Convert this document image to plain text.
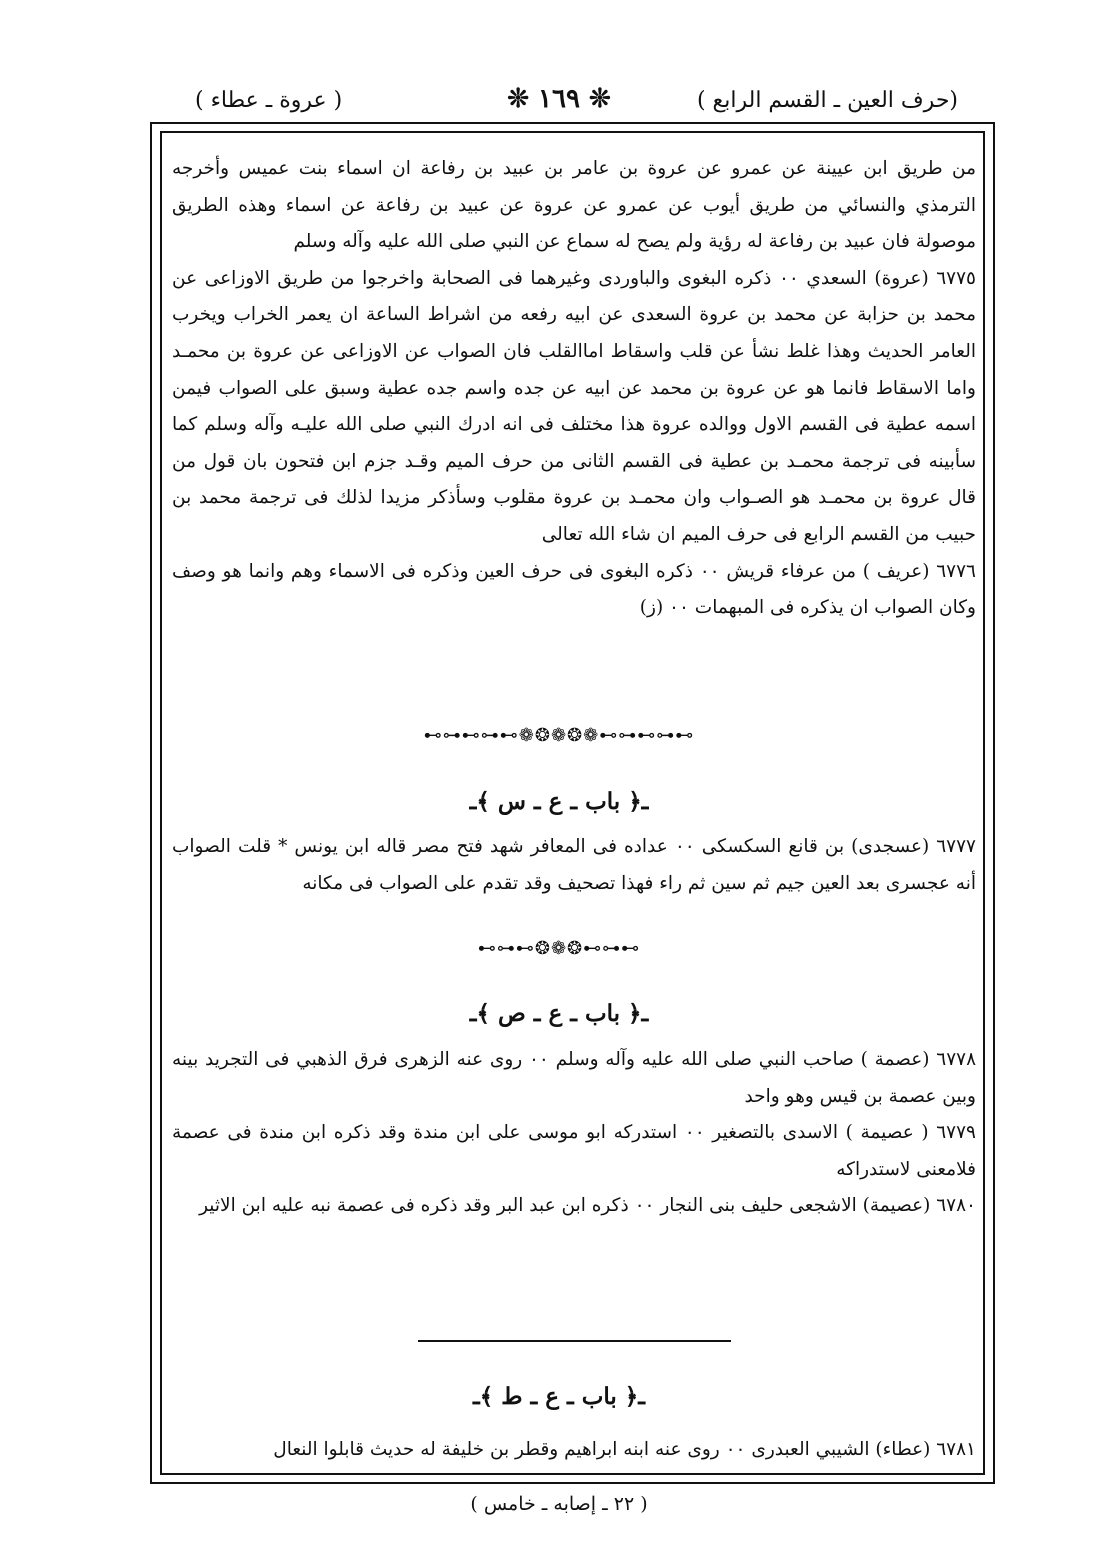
(حرف العين ـ القسم الرابع )
❊ ١٦٩ ❊
( عروة ـ عطاء )

من طريق ابن عيينة عن عمرو عن عروة بن عامر بن عبيد بن رفاعة ان اسماء بنت عميس وأخرجه الترمذي والنسائي من طريق أيوب عن عمرو عن عروة عن عبيد بن رفاعة عن اسماء وهذه الطريق موصولة فان عبيد بن رفاعة له رؤية ولم يصح له سماع عن النبي صلى الله عليه وآله وسلم

٦٧٧٥ (عروة) السعدي ٠٠ ذكره البغوى والباوردى وغيرهما فى الصحابة واخرجوا من طريق الاوزاعى عن محمد بن حزابة عن محمد بن عروة السعدى عن ابيه رفعه من اشراط الساعة ان يعمر الخراب ويخرب العامر الحديث وهذا غلط نشأ عن قلب واسقاط اماالقلب فان الصواب عن الاوزاعى عن عروة بن محمـد واما الاسقاط فانما هو عن عروة بن محمد عن ابيه عن جده واسم جده عطية وسبق على الصواب فيمن اسمه عطية فى القسم الاول ووالده عروة هذا مختلف فى انه ادرك النبي صلى الله عليـه وآله وسلم كما سأبينه فى ترجمة محمـد بن عطية فى القسم الثانى من حرف الميم وقـد جزم ابن فتحون بان قول من قال عروة بن محمـد هو الصـواب وان محمـد بن عروة مقلوب وسأذكر مزيدا لذلك فى ترجمة محمد بن حبيب من القسم الرابع فى حرف الميم ان شاء الله تعالى

٦٧٧٦ (عريف ) من عرفاء قريش ٠٠ ذكره البغوى فى حرف العين وذكره فى الاسماء وهم وانما هو وصف وكان الصواب ان يذكره فى المبهمات ٠٠ (ز)

⊶⊷⊶⊷⊶❁❂❁❂❁⊶⊷⊶⊷⊶
ـ﴿ باب ـ ع ـ س ﴾ـ

٦٧٧٧ (عسجدى) بن قانع السكسكى ٠٠ عداده فى المعافر شهد فتح مصر قاله ابن يونس * قلت الصواب أنه عجسرى بعد العين جيم ثم سين ثم راء فهذا تصحيف وقد تقدم على الصواب فى مكانه

⊶⊷⊶❂❁❂⊶⊷⊶
ـ﴿ باب ـ ع ـ ص ﴾ـ

٦٧٧٨ (عصمة ) صاحب النبي صلى الله عليه وآله وسلم ٠٠ روى عنه الزهرى فرق الذهبي فى التجريد بينه وبين عصمة بن قيس وهو واحد

٦٧٧٩ ( عصيمة ) الاسدى بالتصغير ٠٠ استدركه ابو موسى على ابن مندة وقد ذكره ابن مندة فى عصمة فلامعنى لاستدراكه

٦٧٨٠ (عصيمة) الاشجعى حليف بنى النجار ٠٠ ذكره ابن عبد البر وقد ذكره فى عصمة نبه عليه ابن الاثير

ـ﴿ باب ـ ع ـ ط ﴾ـ

٦٧٨١ (عطاء) الشيبي العبدرى ٠٠ روى عنه ابنه ابراهيم وقطر بن خليفة له حديث قابلوا النعال

( ٢٢ ـ إصابه ـ خامس )
